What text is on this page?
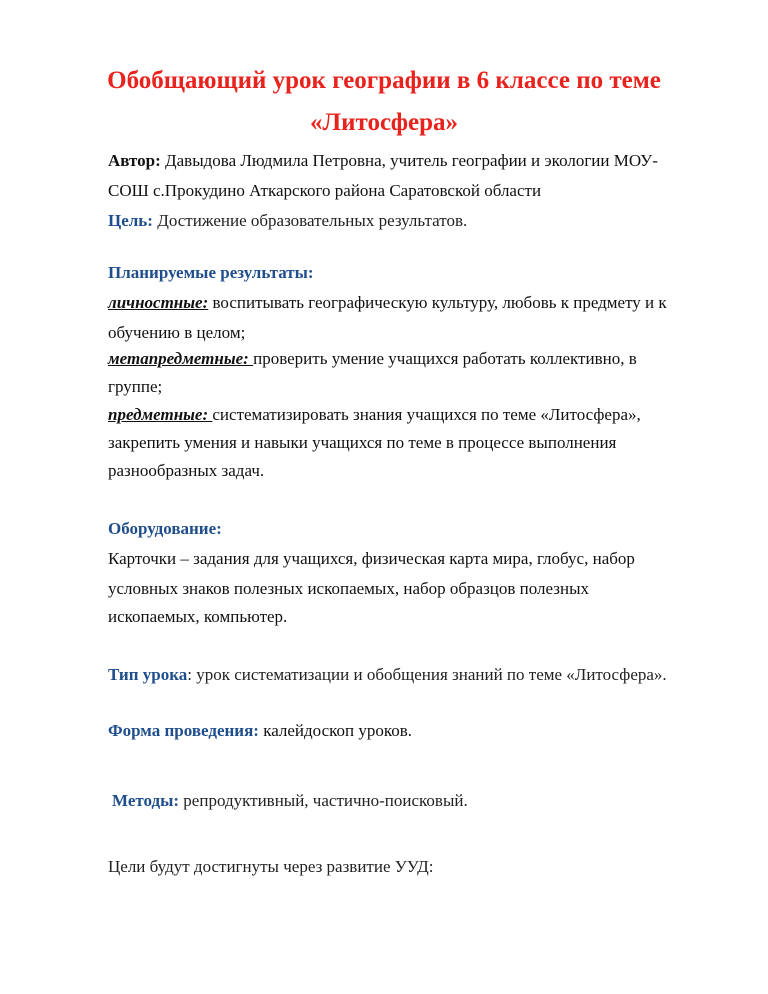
Обобщающий урок географии в 6 классе по теме
«Литосфера»
Автор: Давыдова Людмила Петровна, учитель географии и экологии МОУ-
СОШ с.Прокудино Аткарского района Саратовской области
Цель: Достижение образовательных результатов.
Планируемые результаты:
личностные: воспитывать географическую культуру, любовь к предмету и к
обучению в целом;
метапредметные: проверить умение учащихся работать коллективно, в
группе;
предметные: систематизировать знания учащихся по теме «Литосфера»,
закрепить умения и навыки учащихся по теме в процессе выполнения
разнообразных задач.
Оборудование:
Карточки – задания для учащихся, физическая карта мира, глобус, набор
условных знаков полезных ископаемых, набор образцов полезных
ископаемых, компьютер.
Тип урока: урок систематизации и обобщения знаний по теме «Литосфера».
Форма проведения: калейдоскоп уроков.
Методы: репродуктивный, частично-поисковый.
Цели будут достигнуты через развитие УУД:
